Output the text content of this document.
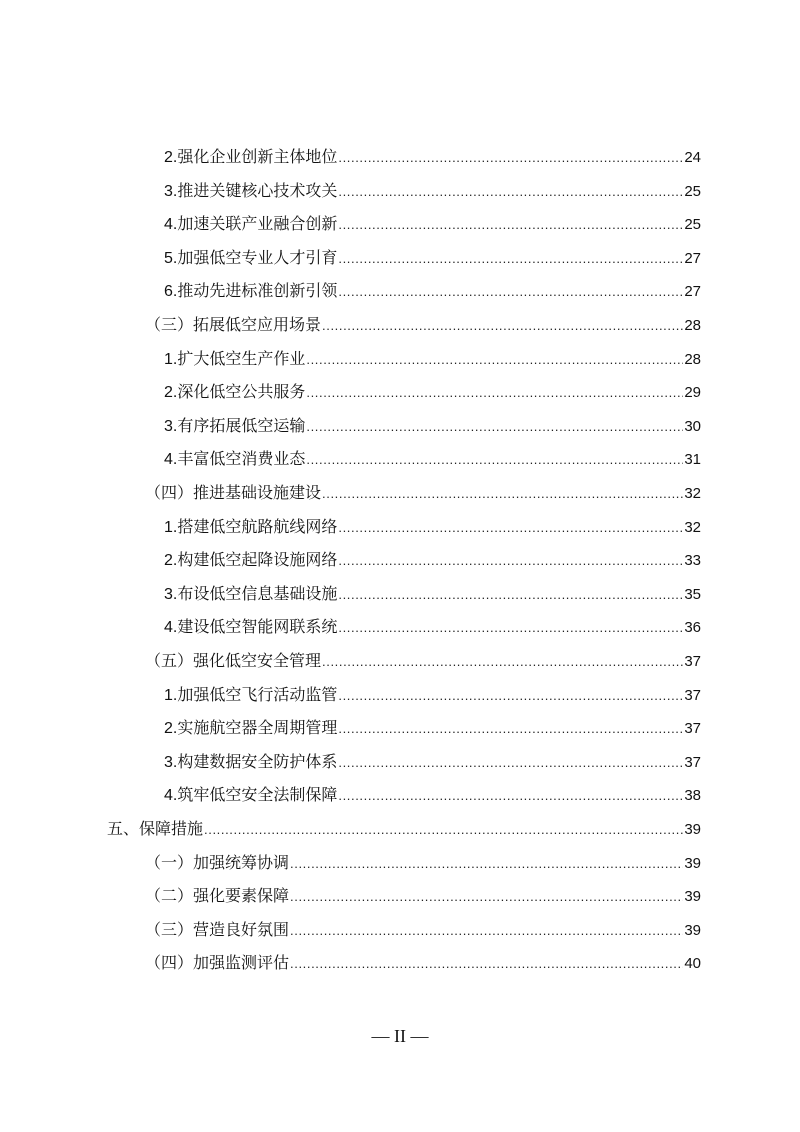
2.强化企业创新主体地位 .....	24
3.推进关键核心技术攻关 .....	25
4.加速关联产业融合创新 .....	25
5.加强低空专业人才引育 .....	27
6.推动先进标准创新引领 .....	27
（三）拓展低空应用场景 .....	28
1.扩大低空生产作业 .....	28
2.深化低空公共服务 .....	29
3.有序拓展低空运输 .....	30
4.丰富低空消费业态 .....	31
（四）推进基础设施建设 .....	32
1.搭建低空航路航线网络 .....	32
2.构建低空起降设施网络 .....	33
3.布设低空信息基础设施 .....	35
4.建设低空智能网联系统 .....	36
（五）强化低空安全管理 .....	37
1.加强低空飞行活动监管 .....	37
2.实施航空器全周期管理 .....	37
3.构建数据安全防护体系 .....	37
4.筑牢低空安全法制保障 .....	38
五、保障措施 .....	39
（一）加强统筹协调 .....	39
（二）强化要素保障 .....	39
（三）营造良好氛围 .....	39
（四）加强监测评估 .....	40
— II —
